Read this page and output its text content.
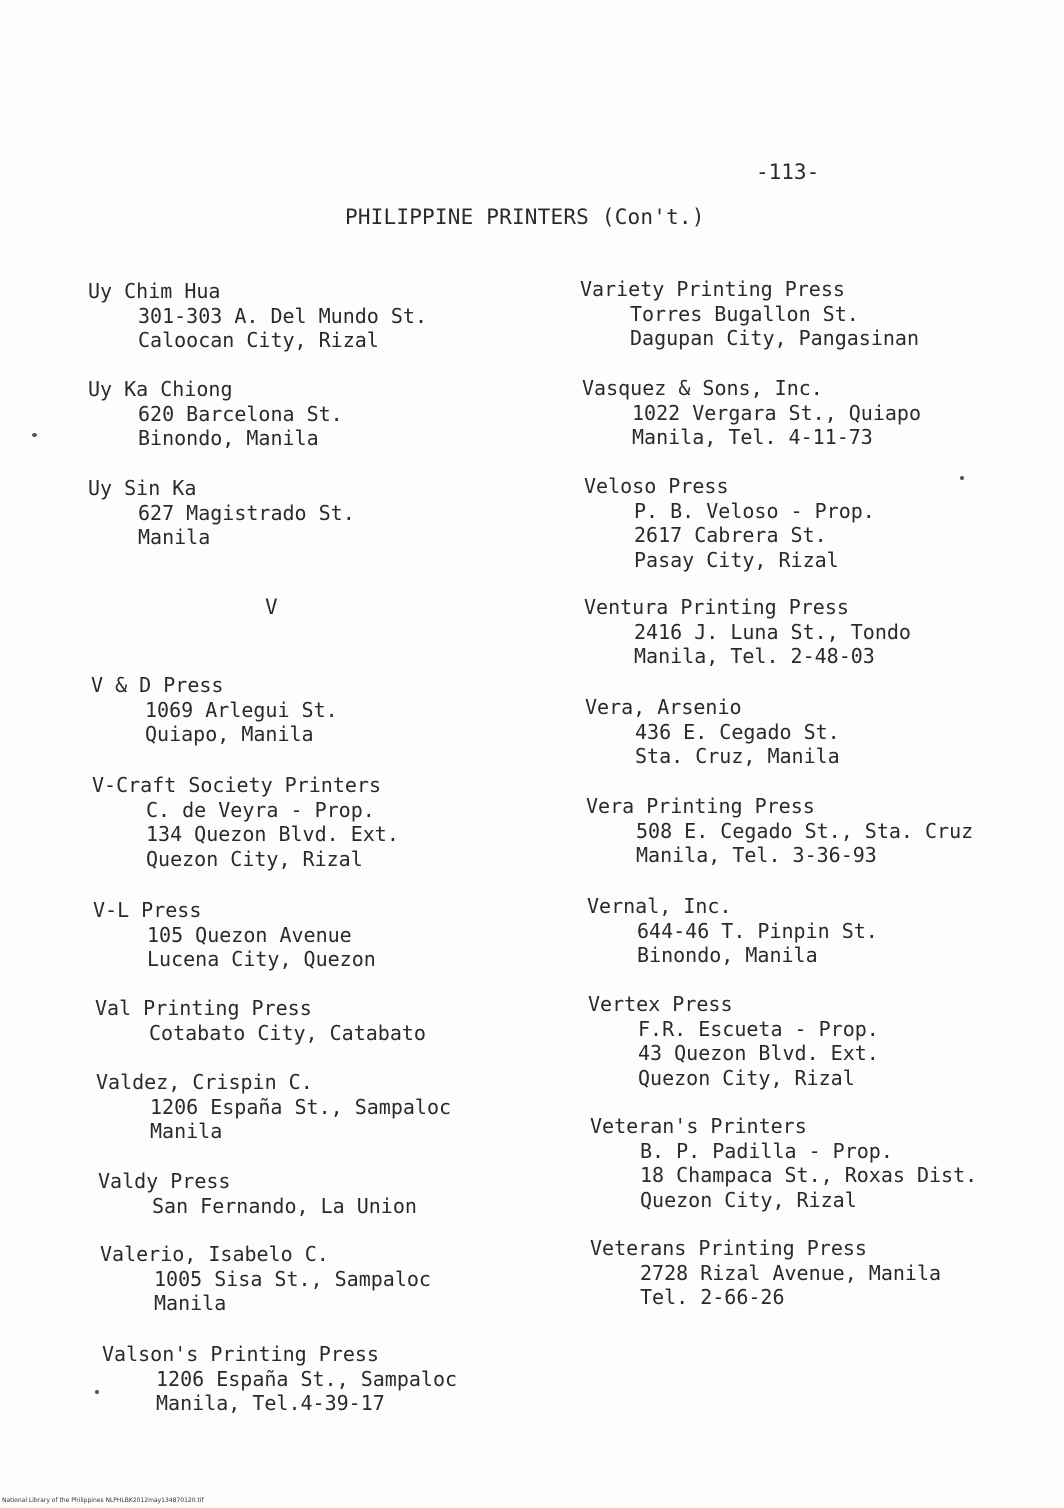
-113-
PHILIPPINE PRINTERS (Con't.)
Uy Chim Hua
301-303 A. Del Mundo St.
Caloocan City, Rizal
Uy Ka Chiong
620 Barcelona St.
Binondo, Manila
Uy Sin Ka
627 Magistrado St.
Manila
V
V & D Press
1069 Arlegui St.
Quiapo, Manila
V-Craft Society Printers
C. de Veyra - Prop.
134 Quezon Blvd. Ext.
Quezon City, Rizal
V-L Press
105 Quezon Avenue
Lucena City, Quezon
Val Printing Press
Cotabato City, Catabato
Valdez, Crispin C.
1206 España St., Sampaloc
Manila
Valdy Press
San Fernando, La Union
Valerio, Isabelo C.
1005 Sisa St., Sampaloc
Manila
Valson's Printing Press
1206 España St., Sampaloc
Manila, Tel.4-39-17
Variety Printing Press
Torres Bugallon St.
Dagupan City, Pangasinan
Vasquez & Sons, Inc.
1022 Vergara St., Quiapo
Manila, Tel. 4-11-73
Veloso Press
P. B. Veloso - Prop.
2617 Cabrera St.
Pasay City, Rizal
Ventura Printing Press
2416 J. Luna St., Tondo
Manila, Tel. 2-48-03
Vera, Arsenio
436 E. Cegado St.
Sta. Cruz, Manila
Vera Printing Press
508 E. Cegado St., Sta. Cruz
Manila, Tel. 3-36-93
Vernal, Inc.
644-46 T. Pinpin St.
Binondo, Manila
Vertex Press
F.R. Escueta - Prop.
43 Quezon Blvd. Ext.
Quezon City, Rizal
Veteran's Printers
B. P. Padilla - Prop.
18 Champaca St., Roxas Dist.
Quezon City, Rizal
Veterans Printing Press
2728 Rizal Avenue, Manila
Tel. 2-66-26
National Library of the Philippines NLPHLBK2012may134870120.tif
